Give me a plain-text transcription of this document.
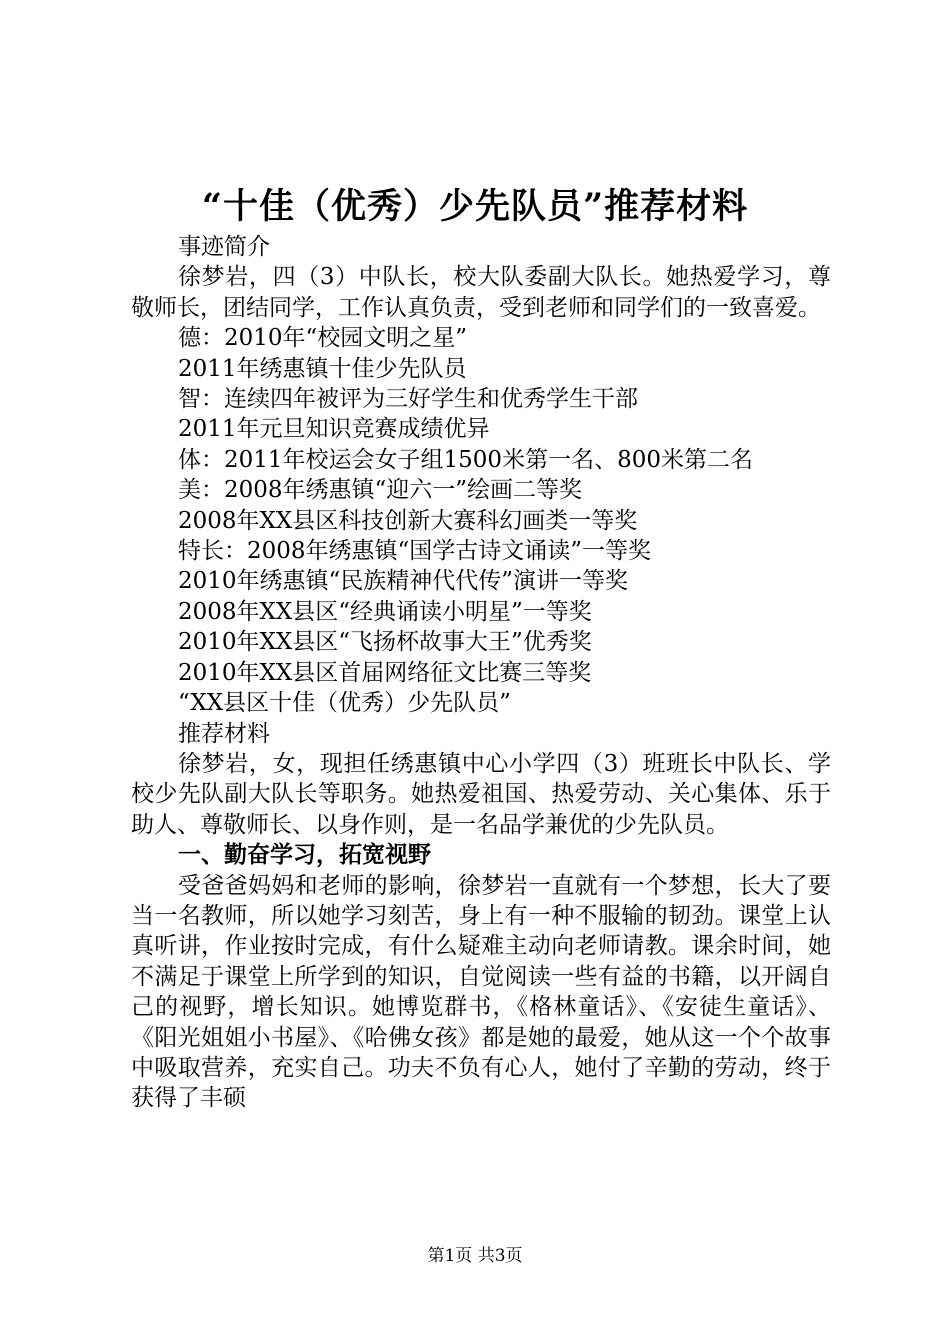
“十佳（优秀）少先队员”推荐材料

事迹简介

徐梦岩，四（3）中队长，校大队委副大队长。她热爱学习，尊敬师长，团结同学，工作认真负责，受到老师和同学们的一致喜爱。

德：2010年“校园文明之星”

2011年绣惠镇十佳少先队员

智：连续四年被评为三好学生和优秀学生干部

2011年元旦知识竞赛成绩优异

体：2011年校运会女子组1500米第一名、800米第二名

美：2008年绣惠镇“迎六一”绘画二等奖

2008年XX县区科技创新大赛科幻画类一等奖

特长：2008年绣惠镇“国学古诗文诵读”一等奖

2010年绣惠镇“民族精神代代传”演讲一等奖

2008年XX县区“经典诵读小明星”一等奖

2010年XX县区“飞扬杯故事大王”优秀奖

2010年XX县区首届网络征文比赛三等奖

“XX县区十佳（优秀）少先队员”

推荐材料

徐梦岩，女，现担任绣惠镇中心小学四（3）班班长中队长、学校少先队副大队长等职务。她热爱祖国、热爱劳动、关心集体、乐于助人、尊敬师长、以身作则，是一名品学兼优的少先队员。

一、勤奋学习，拓宽视野

受爸爸妈妈和老师的影响，徐梦岩一直就有一个梦想，长大了要当一名教师，所以她学习刻苦，身上有一种不服输的韧劲。课堂上认真听讲，作业按时完成，有什么疑难主动向老师请教。课余时间，她不满足于课堂上所学到的知识，自觉阅读一些有益的书籍，以开阔自己的视野，增长知识。她博览群书，《格林童话》、《安徒生童话》、《阳光姐姐小书屋》、《哈佛女孩》都是她的最爱，她从这一个个故事中吸取营养，充实自己。功夫不负有心人，她付了辛勤的劳动，终于获得了丰硕

第1页 共3页
